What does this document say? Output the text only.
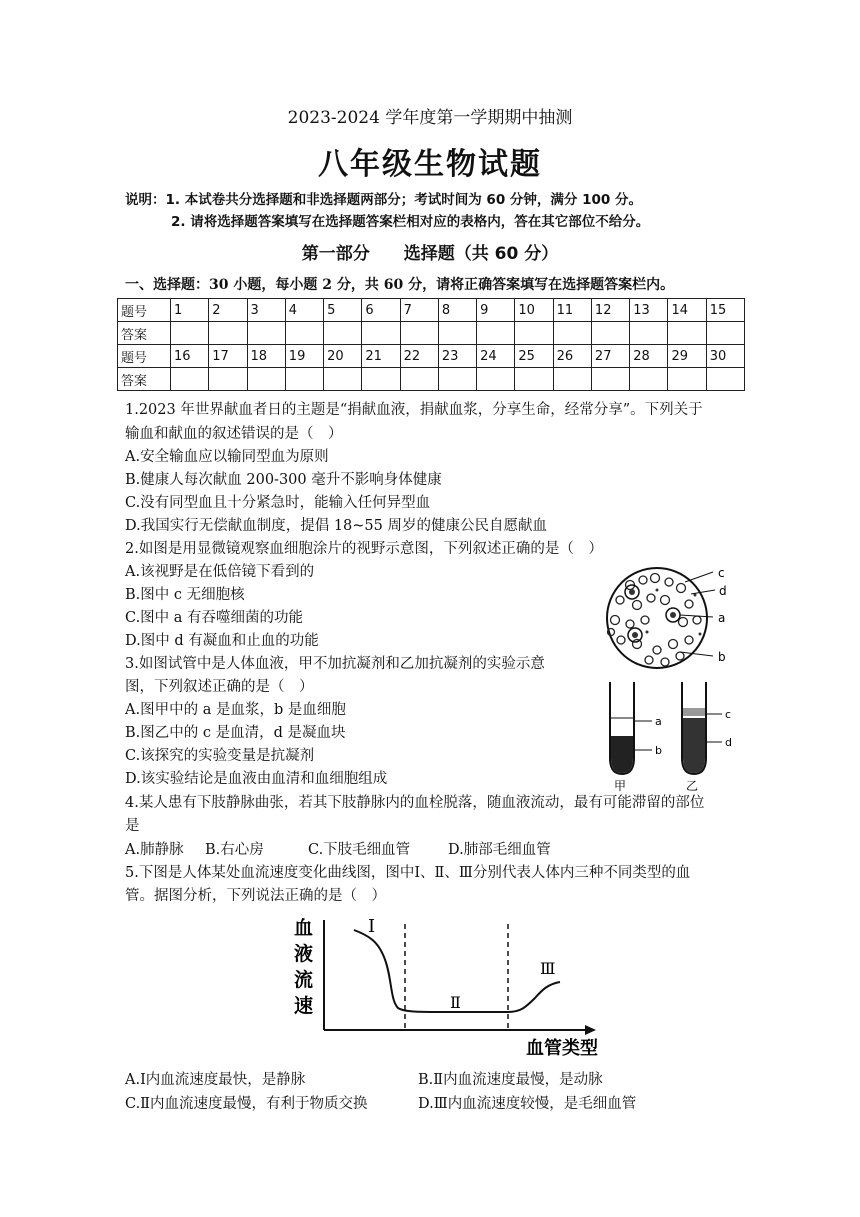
2023-2024 学年度第一学期期中抽测
八年级生物试题
说明：1. 本试卷共分选择题和非选择题两部分；考试时间为 60 分钟，满分 100 分。
2. 请将选择题答案填写在选择题答案栏相对应的表格内，答在其它部位不给分。
第一部分　　选择题（共 60 分）
一、选择题：30 小题，每小题 2 分，共 60 分，请将正确答案填写在选择题答案栏内。
题号	1	2	3	4	5	6	7	8	9	10	11	12	13	14	15
答案															
题号	16	17	18	19	20	21	22	23	24	25	26	27	28	29	30
答案															
1.2023 年世界献血者日的主题是“捐献血液，捐献血浆，分享生命，经常分享”。下列关于
输血和献血的叙述错误的是（　）
A.安全输血应以输同型血为原则
B.健康人每次献血 200-300 毫升不影响身体健康
C.没有同型血且十分紧急时，能输入任何异型血
D.我国实行无偿献血制度，提倡 18~55 周岁的健康公民自愿献血
2.如图是用显微镜观察血细胞涂片的视野示意图，下列叙述正确的是（　）
A.该视野是在低倍镜下看到的
B.图中 c 无细胞核
C.图中 a 有吞噬细菌的功能
D.图中 d 有凝血和止血的功能
c
d
a
b
3.如图试管中是人体血液，甲不加抗凝剂和乙加抗凝剂的实验示意
图，下列叙述正确的是（　）
A.图甲中的 a 是血浆，b 是血细胞
B.图乙中的 c 是血清，d 是凝血块
C.该探究的实验变量是抗凝剂
D.该实验结论是血液由血清和血细胞组成
a
b
c
d
甲	乙
4.某人患有下肢静脉曲张，若其下肢静脉内的血栓脱落，随血液流动，最有可能滞留的部位
是
A.肺静脉 B.右心房	C.下肢毛细血管	D.肺部毛细血管
5.下图是人体某处血流速度变化曲线图，图中Ⅰ、Ⅱ、Ⅲ分别代表人体内三种不同类型的血
管。据图分析，下列说法正确的是（　）
血
液
流
速
Ⅰ
Ⅱ
Ⅲ
血管类型
A.Ⅰ内血流速度最快，是静脉	B.Ⅱ内血流速度最慢，是动脉
C.Ⅱ内血流速度最慢，有利于物质交换	D.Ⅲ内血流速度较慢，是毛细血管
